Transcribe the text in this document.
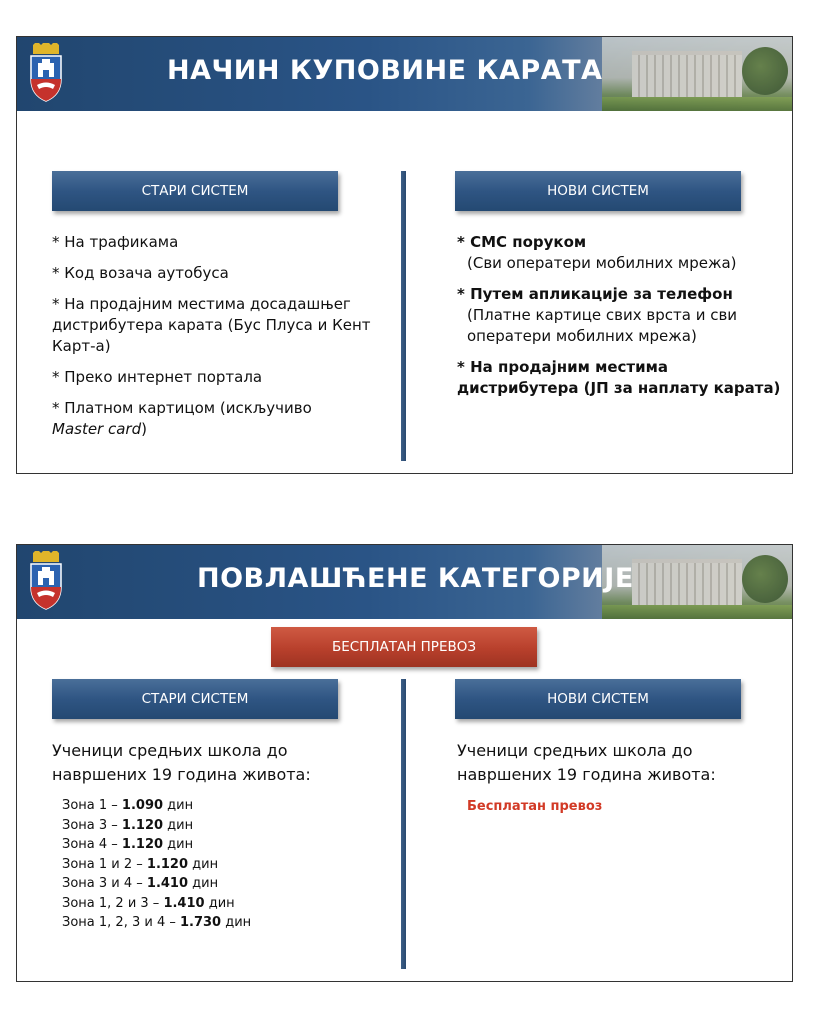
НАЧИН КУПОВИНЕ КАРАТА
СТАРИ СИСТЕМ	НОВИ СИСТЕМ
* На трафикама
* Код возача аутобуса
* На продајним местима досадашњег дистрибутера карата (Бус Плуса и Кент Карт-а)
* Преко интернет портала
* Платном картицом (искључиво
Master card)
* СМС поруком
(Сви оператери мобилних мрежа)
* Путем апликације за телефон
(Платне картице свих врста и сви оператери мобилних мрежа)
* На продајним местима дистрибутера (ЈП за наплату карата)
ПОВЛАШЋЕНЕ КАТЕГОРИЈЕ
БЕСПЛАТАН ПРЕВОЗ
СТАРИ СИСТЕМ	НОВИ СИСТЕМ
Ученици средњих школа до навршених 19 година живота:
Ученици средњих школа до навршених 19 година живота:
Зона 1 – 1.090 дин
Зона 3 – 1.120 дин
Зона 4 – 1.120 дин
Зона 1 и 2 – 1.120 дин
Зона 3 и 4 – 1.410 дин
Зона 1, 2 и 3 – 1.410 дин
Зона 1, 2, 3 и 4 – 1.730 дин
Бесплатан превоз
